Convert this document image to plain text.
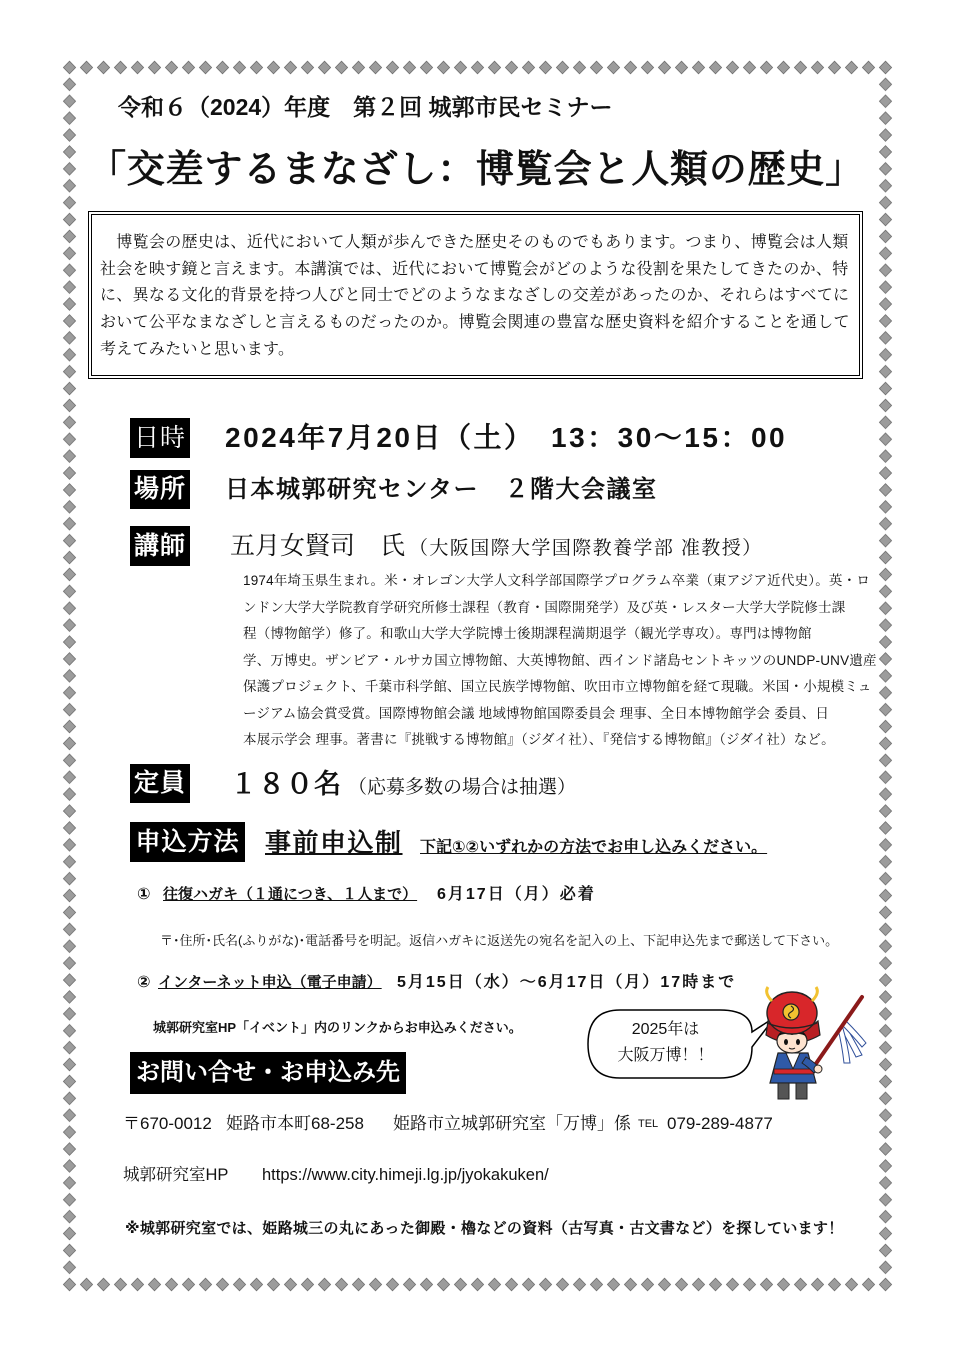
令和６（2024）年度　第２回 城郭市民セミナー
「交差するまなざし：博覧会と人類の歴史」
　博覧会の歴史は、近代において人類が歩んできた歴史そのものでもあります。つまり、博覧会は人類
社会を映す鏡と言えます。本講演では、近代において博覧会がどのような役割を果たしてきたのか、特
に、異なる文化的背景を持つ人びと同士でどのようなまなざしの交差があったのか、それらはすべてに
おいて公平なまなざしと言えるものだったのか。博覧会関連の豊富な歴史資料を紹介することを通して
考えてみたいと思います。
日時 2024年7月20日（土）　13：30～15：00
場所 日本城郭研究センター　２階大会議室
講師 五月女賢司　氏 （大阪国際大学国際教養学部 准教授）
1974年埼玉県生まれ。米・オレゴン大学人文科学部国際学プログラム卒業（東アジア近代史）。英・ロ
ンドン大学大学院教育学研究所修士課程（教育・国際開発学）及び英・レスター大学大学院修士課
程（博物館学）修了。和歌山大学大学院博士後期課程満期退学（観光学専攻）。専門は博物館
学、万博史。ザンビア・ルサカ国立博物館、大英博物館、西インド諸島セントキッツのUNDP-UNV遺産
保護プロジェクト、千葉市科学館、国立民族学博物館、吹田市立博物館を経て現職。米国・小規模ミュ
ージアム協会賞受賞。国際博物館会議 地域博物館国際委員会 理事、全日本博物館学会 委員、日
本展示学会 理事。著書に『挑戦する博物館』（ジダイ社）、『発信する博物館』（ジダイ社）など。
定員 １８０名 （応募多数の場合は抽選）
申込方法 事前申込制 下記①②いずれかの方法でお申し込みください。
① 往復ハガキ（１通につき、１人まで） 6月17日（月）必着
〒･住所･氏名(ふりがな)･電話番号を明記。返信ハガキに返送先の宛名を記入の上、下記申込先まで郵送して下さい。
② インターネット申込（電子申請） 5月15日（水）～6月17日（月）17時まで
城郭研究室HP「イベント」内のリンクからお申込みください。	2025年は
大阪万博！！
お問い合せ・お申込み先
〒670-0012 姫路市本町68-258 姫路市立城郭研究室「万博」係 TEL 079-289-4877
城郭研究室HP https://www.city.himeji.lg.jp/jyokakuken/
※城郭研究室では、姫路城三の丸にあった御殿・櫓などの資料（古写真・古文書など）を探しています！
